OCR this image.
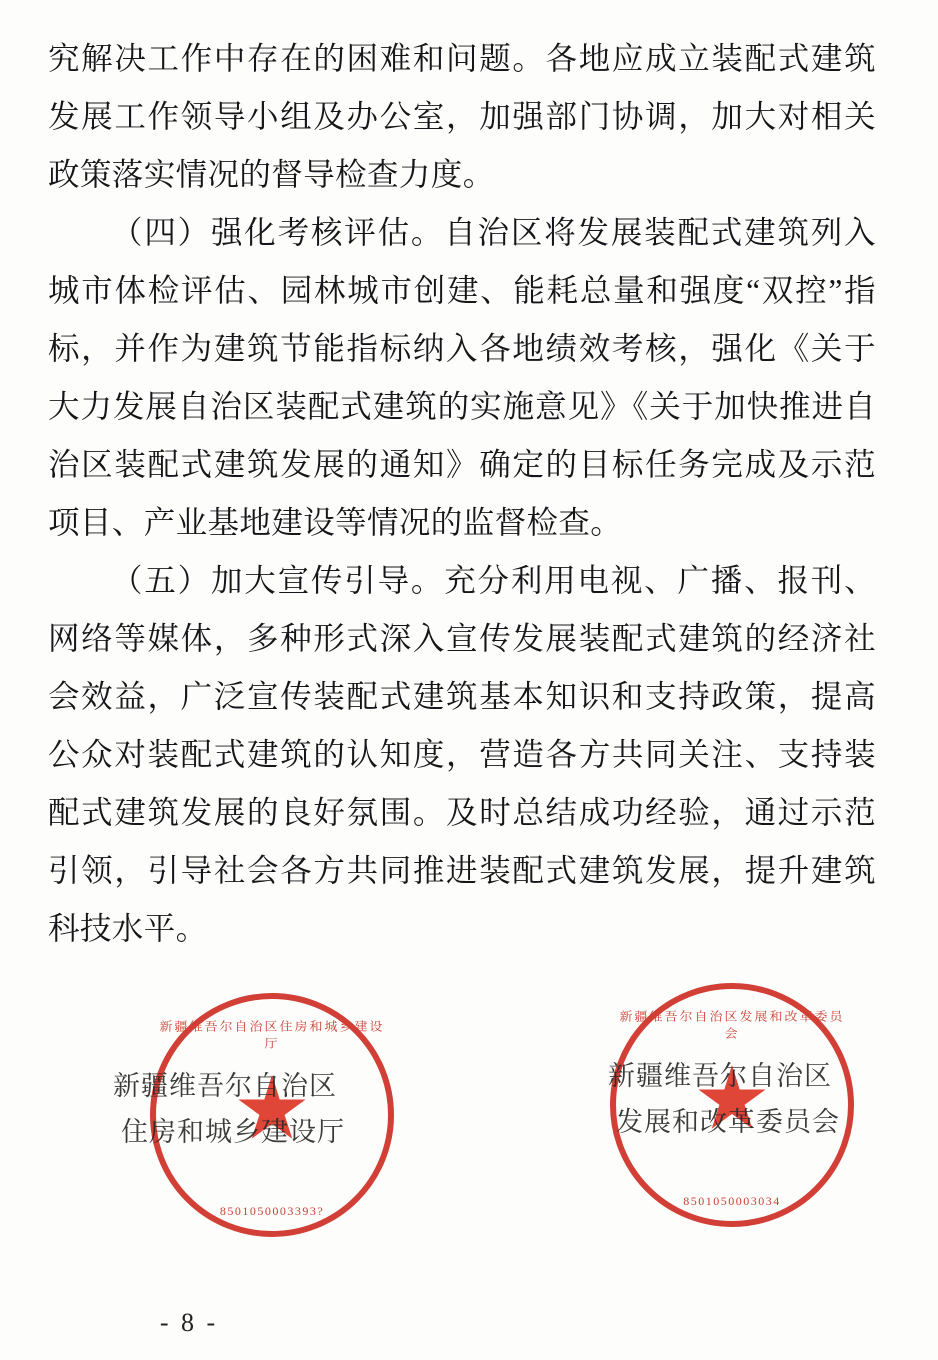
究解决工作中存在的困难和问题。各地应成立装配式建筑发展工作领导小组及办公室，加强部门协调，加大对相关政策落实情况的督导检查力度。

（四）强化考核评估。自治区将发展装配式建筑列入城市体检评估、园林城市创建、能耗总量和强度“双控”指标，并作为建筑节能指标纳入各地绩效考核，强化《关于大力发展自治区装配式建筑的实施意见》《关于加快推进自治区装配式建筑发展的通知》确定的目标任务完成及示范项目、产业基地建设等情况的监督检查。

（五）加大宣传引导。充分利用电视、广播、报刊、网络等媒体，多种形式深入宣传发展装配式建筑的经济社会效益，广泛宣传装配式建筑基本知识和支持政策，提高公众对装配式建筑的认知度，营造各方共同关注、支持装配式建筑发展的良好氛围。及时总结成功经验，通过示范引领，引导社会各方共同推进装配式建筑发展，提升建筑科技水平。

新疆维吾尔自治区住房和城乡建设厅
8501050003393?
新疆维吾尔自治区
住房和城乡建设厅
新疆维吾尔自治区发展和改革委员会
8501050003034
新疆维吾尔自治区
发展和改革委员会
- 8 -
